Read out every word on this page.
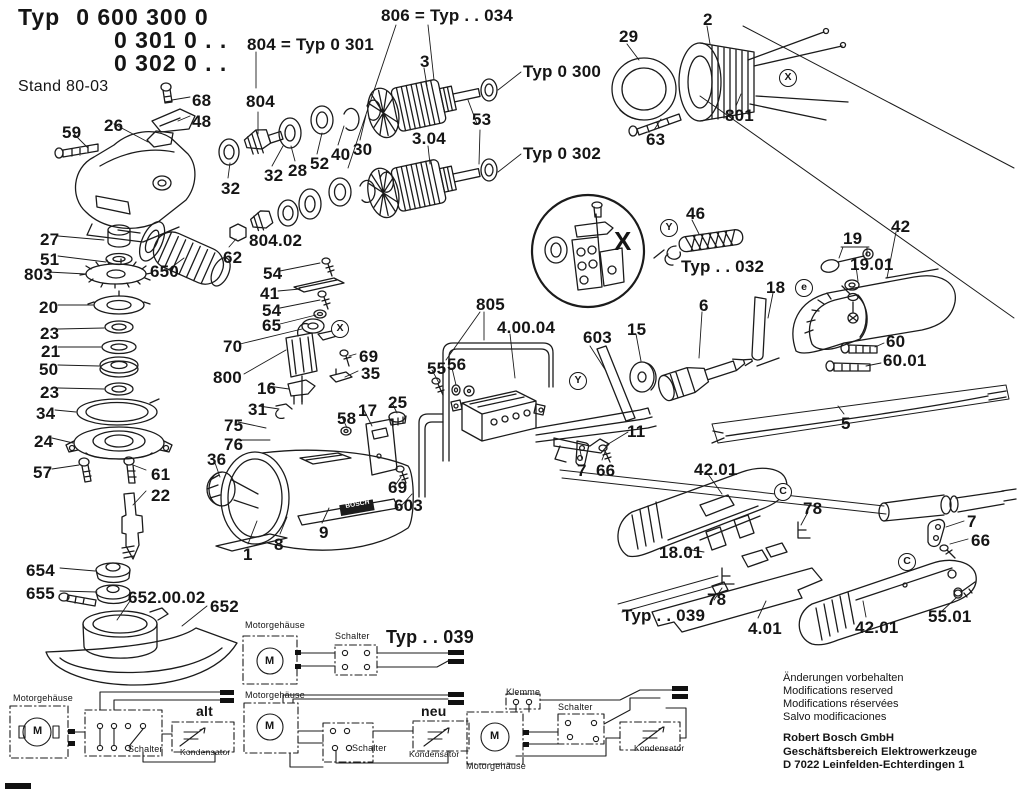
Typ 0 600 300 0
0 301 0 . .
0 302 0 . .
Stand 80-03
804 = Typ 0 301
806 = Typ . . 034
Typ 0 300
Typ 0 302
Typ . . 032
Typ . . 039
68
48
59 26
29
2
63
801
3
3.04
53
804
32
32 28 52 40 30
27
51
803	650
62
804.02
54
41
54
65
70
800
20
23
21
50
23
34
24
57	61
22
16
31
69
35
75
76
58 17 25
36
69
603
1
8
9
654
655	652.00.02 652
805
4.00.04
55 56
603 15
11
6
7 66
46
19
19.01
42
18
60
60.01
5
42.01
78
7
66
18.01
78
4.01	42.01
55.01
X
BOSCH
Motorgehäuse
Schalter
alt
Kondensator
Motorgehäuse
Schalter Typ . . 039
Motorgehäuse
Schalter
neu
Kondensator
Klemme
Schalter
Kondensator
Motorgehäuse
M
M
M
M
X
X
Y
Y
e
C
C
Änderungen vorbehalten
Modifications reserved
Modifications réservées
Salvo modificaciones
Robert Bosch GmbH
Geschäftsbereich Elektrowerkzeuge
D 7022 Leinfelden-Echterdingen 1
